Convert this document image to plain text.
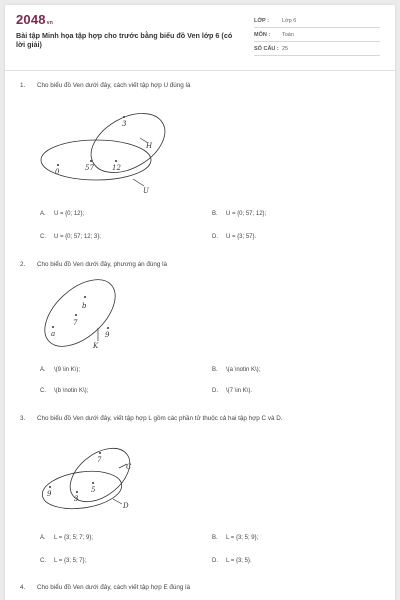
2048vn
Bài tập Minh họa tập hợp cho trước bằng biểu đồ Ven lớp 6 (có lời giải)
LỚP : Lớp 6
MÔN : Toán
SỐ CÂU : 25
1. Cho biểu đồ Ven dưới đây, cách viết tập hợp U đúng là
3
0	57	12
H
U
A. U = {0; 12};	B. U = {0; 57; 12};
C. U = {0; 57; 12; 3};	D. U = {3; 57}.
2. Cho biểu đồ Ven dưới đây, phương án đúng là
b
7
a	9
K
A. \(9 \in K\);	B. \(a \notin K\);
C. \(b \notin K\);	D. \(7 \in K\).
3. Cho biểu đồ Ven dưới đây, viết tập hợp L gồm các phần tử thuộc cả hai tập hợp C và D.
7
9	5
3
C
D
A. L = {3; 5; 7; 9};	B. L = {3; 5; 9};
C. L = {3; 5; 7};	D. L = {3; 5}.
4. Cho biểu đồ Ven dưới đây, cách viết tập hợp E đúng là
